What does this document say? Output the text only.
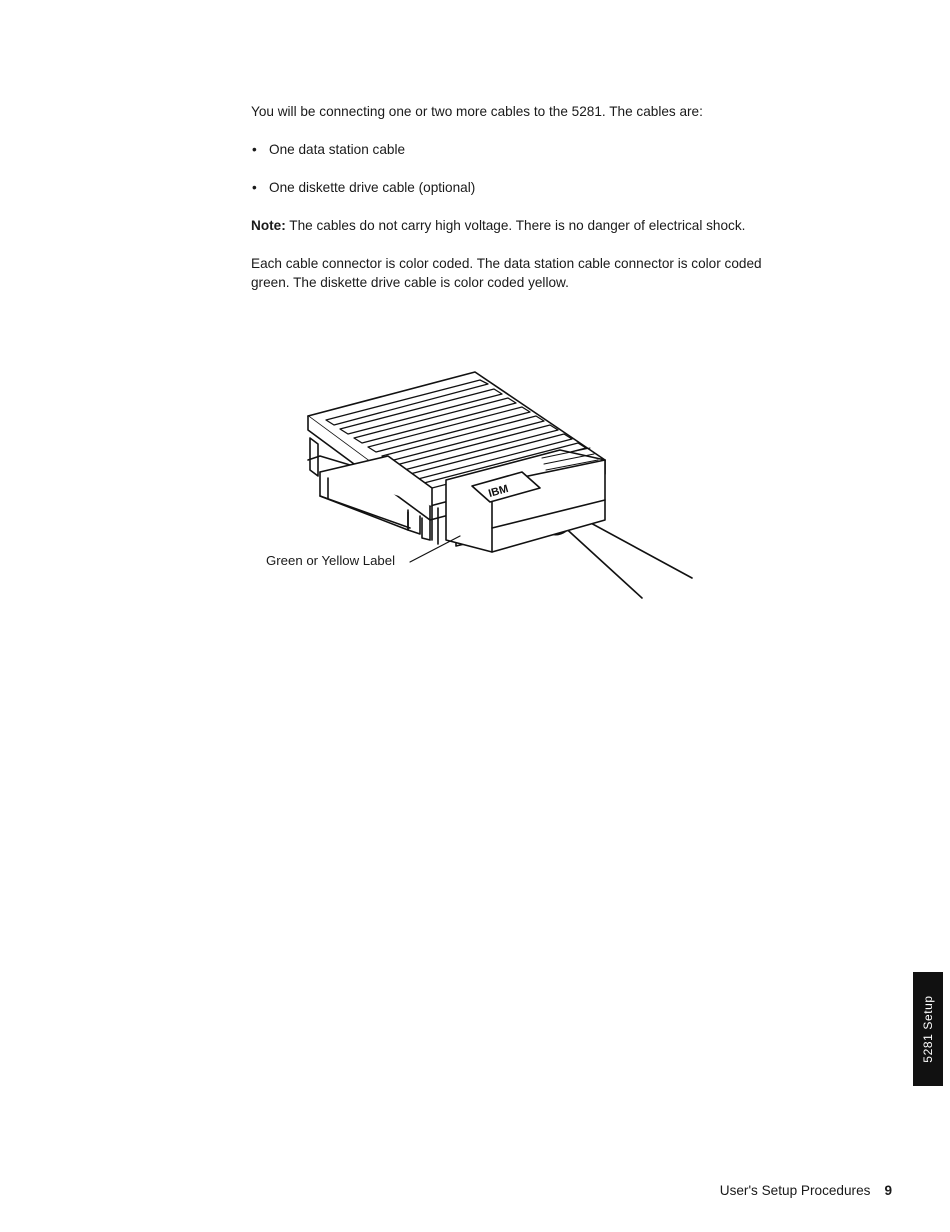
You will be connecting one or two more cables to the 5281. The cables are:

• One data station cable
• One diskette drive cable (optional)

Note: The cables do not carry high voltage. There is no danger of electrical shock.

Each cable connector is color coded. The data station cable connector is color coded green. The diskette drive cable is color coded yellow.

IBM
Green or Yellow Label
5281 Setup
User's Setup Procedures 9
